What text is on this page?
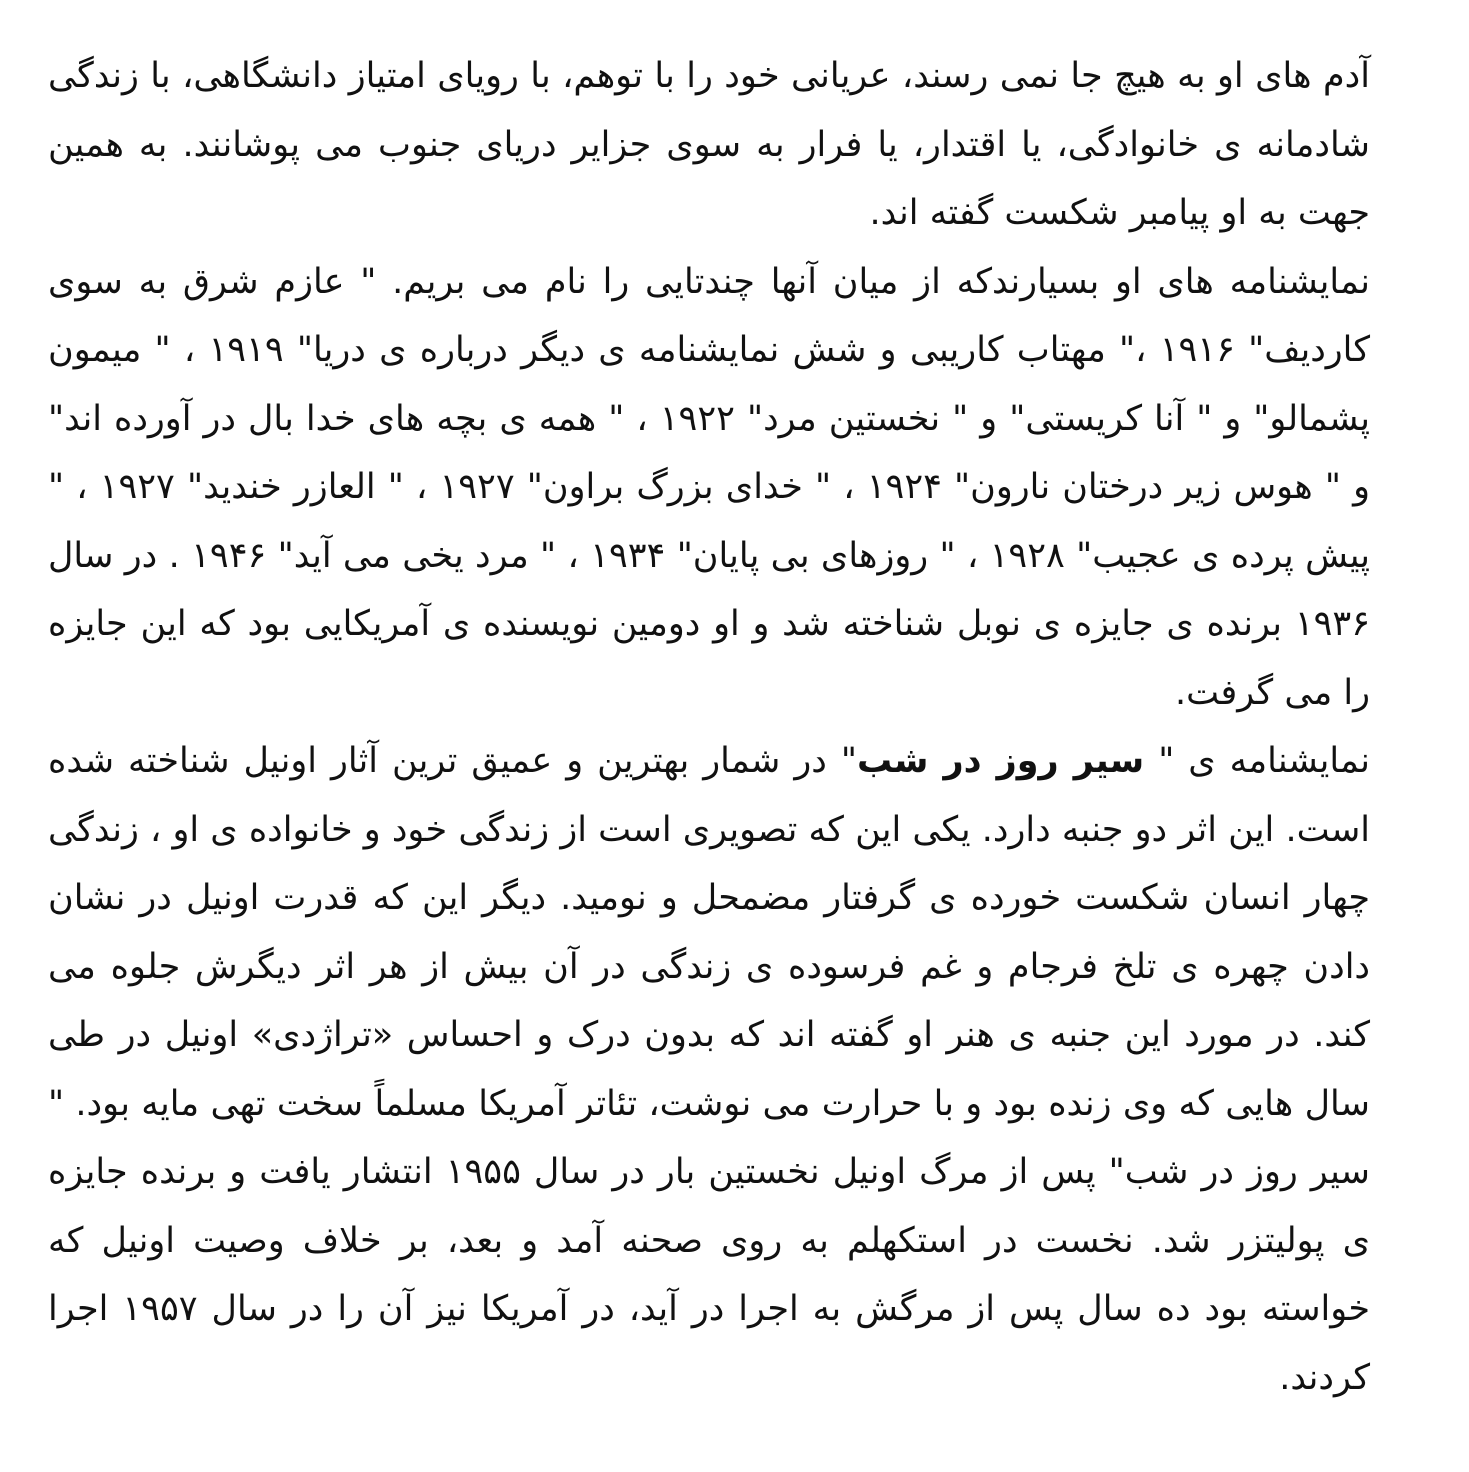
آدم های او به هیچ جا نمی رسند، عریانی خود را با توهم، با رویای امتیاز دانشگاهی، با زندگی شادمانه ی خانوادگی، یا اقتدار، یا فرار به سوی جزایر دریای جنوب می پوشانند. به همین جهت به او پیامبر شکست گفته اند.

نمایشنامه های او بسیارندکه از میان آنها چندتایی را نام می بریم. " عازم شرق به سوی کاردیف" ۱۹۱۶ ،" مهتاب کاریبی و شش نمایشنامه ی دیگر درباره ی دریا" ۱۹۱۹ ، " میمون پشمالو" و " آنا کریستی" و " نخستین مرد" ۱۹۲۲ ، " همه ی بچه های خدا بال در آورده اند" و " هوس زیر درختان نارون" ۱۹۲۴ ، " خدای بزرگ براون" ۱۹۲۷ ، " العازر خندید" ۱۹۲۷ ، " پیش پرده ی عجیب" ۱۹۲۸ ، " روزهای بی پایان" ۱۹۳۴ ، " مرد یخی می آید" ۱۹۴۶ . در سال ۱۹۳۶ برنده ی جایزه ی نوبل شناخته شد و او دومین نویسنده ی آمریکایی بود که این جایزه را می گرفت.

نمایشنامه ی " سیر روز در شب" در شمار بهترین و عمیق ترین آثار اونیل شناخته شده است. این اثر دو جنبه دارد. یکی این که تصویری است از زندگی خود و خانواده ی او ، زندگی چهار انسان شکست خورده ی گرفتار مضمحل و نومید. دیگر این که قدرت اونیل در نشان دادن چهره ی تلخ فرجام و غم فرسوده ی زندگی در آن بیش از هر اثر دیگرش جلوه می کند. در مورد این جنبه ی هنر او گفته اند که بدون درک و احساس «تراژدی» اونیل در طی سال هایی که وی زنده بود و با حرارت می نوشت، تئاتر آمریکا مسلماً سخت تهی مایه بود. " سیر روز در شب" پس از مرگ اونیل نخستین بار در سال ۱۹۵۵ انتشار یافت و برنده جایزه ی پولیتزر شد. نخست در استکهلم به روی صحنه آمد و بعد، بر خلاف وصیت اونیل که خواسته بود ده سال پس از مرگش به اجرا در آید، در آمریکا نیز آن را در سال ۱۹۵۷ اجرا کردند.
